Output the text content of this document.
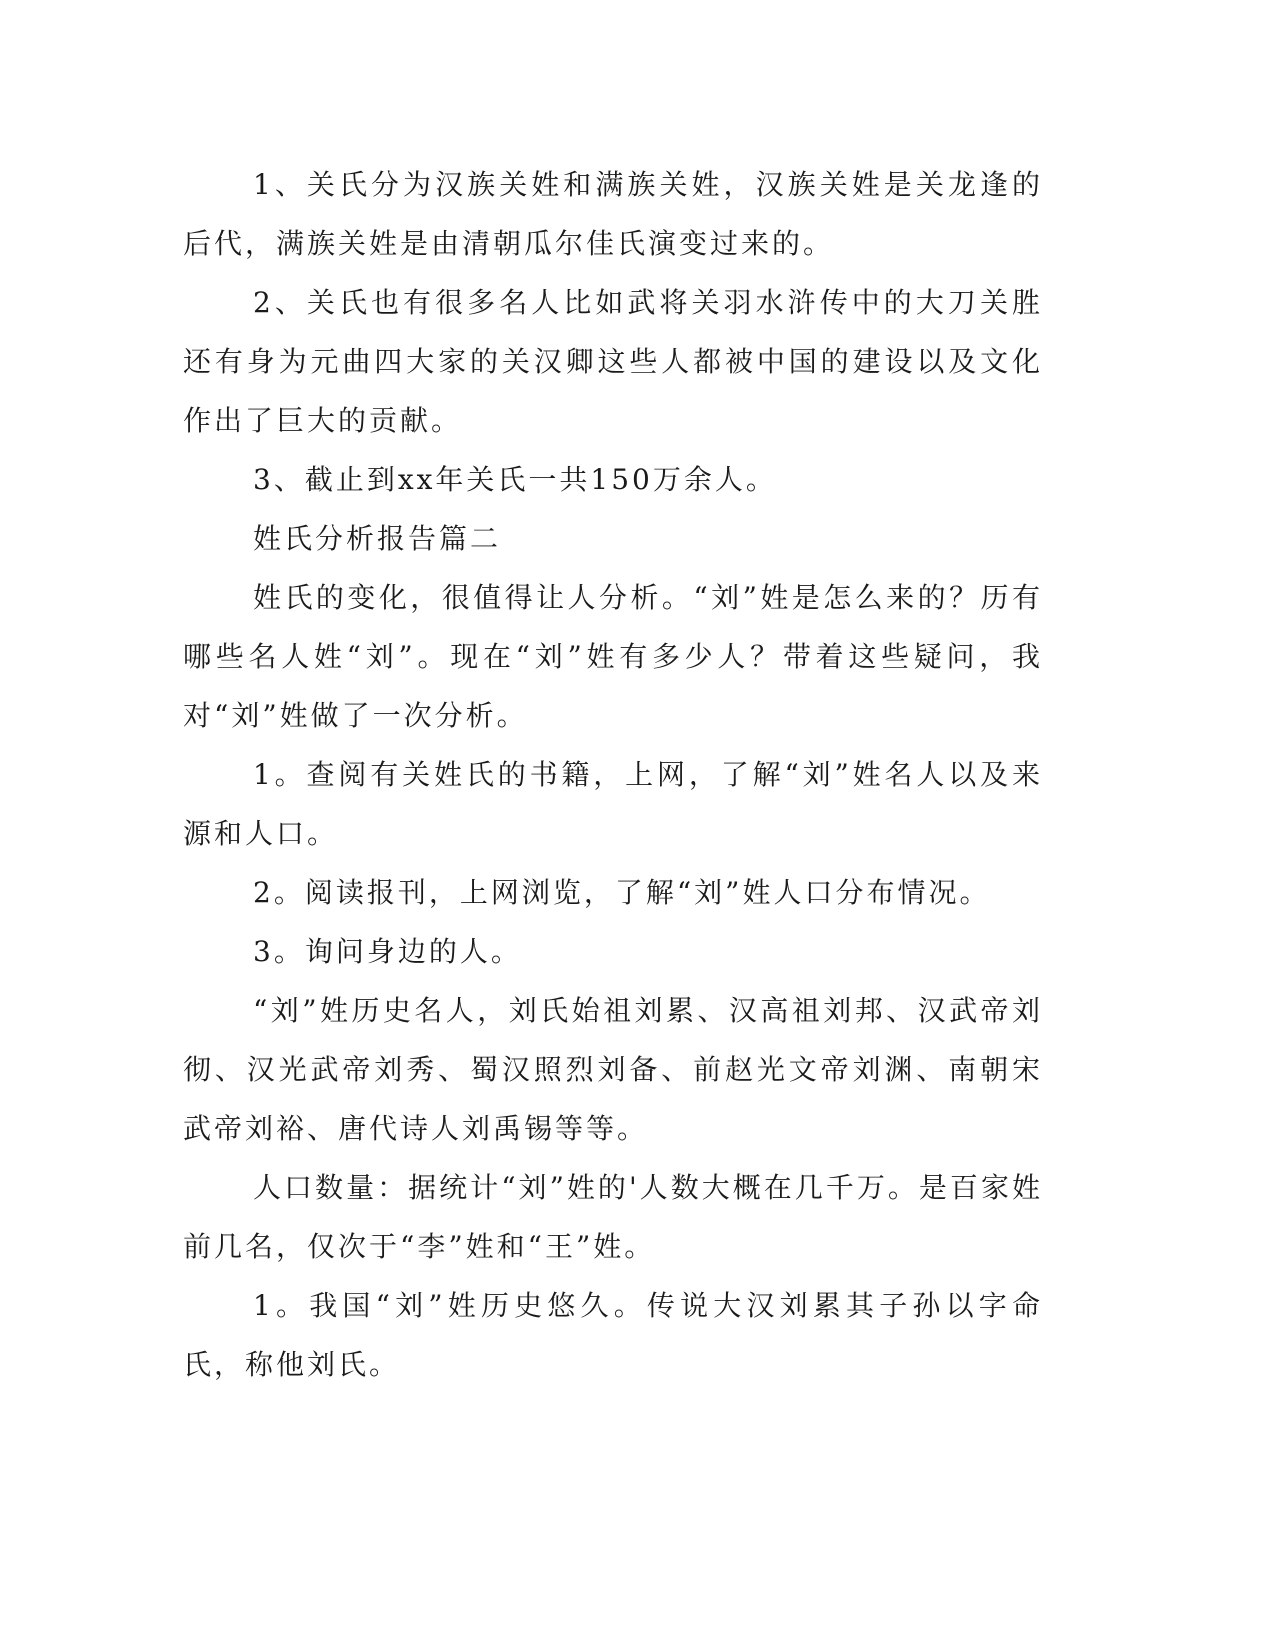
1、关氏分为汉族关姓和满族关姓，汉族关姓是关龙逢的后代，满族关姓是由清朝瓜尔佳氏演变过来的。

2、关氏也有很多名人比如武将关羽水浒传中的大刀关胜还有身为元曲四大家的关汉卿这些人都被中国的建设以及文化作出了巨大的贡献。

3、截止到xx年关氏一共150万余人。

姓氏分析报告篇二

姓氏的变化，很值得让人分析。“刘”姓是怎么来的？历有哪些名人姓“刘”。现在“刘”姓有多少人？带着这些疑问，我对“刘”姓做了一次分析。

1。查阅有关姓氏的书籍，上网，了解“刘”姓名人以及来源和人口。

2。阅读报刊，上网浏览，了解“刘”姓人口分布情况。

3。询问身边的人。

“刘”姓历史名人，刘氏始祖刘累、汉高祖刘邦、汉武帝刘彻、汉光武帝刘秀、蜀汉照烈刘备、前赵光文帝刘渊、南朝宋武帝刘裕、唐代诗人刘禹锡等等。

人口数量：据统计“刘”姓的'人数大概在几千万。是百家姓前几名，仅次于“李”姓和“王”姓。

1。我国“刘”姓历史悠久。传说大汉刘累其子孙以字命氏，称他刘氏。
